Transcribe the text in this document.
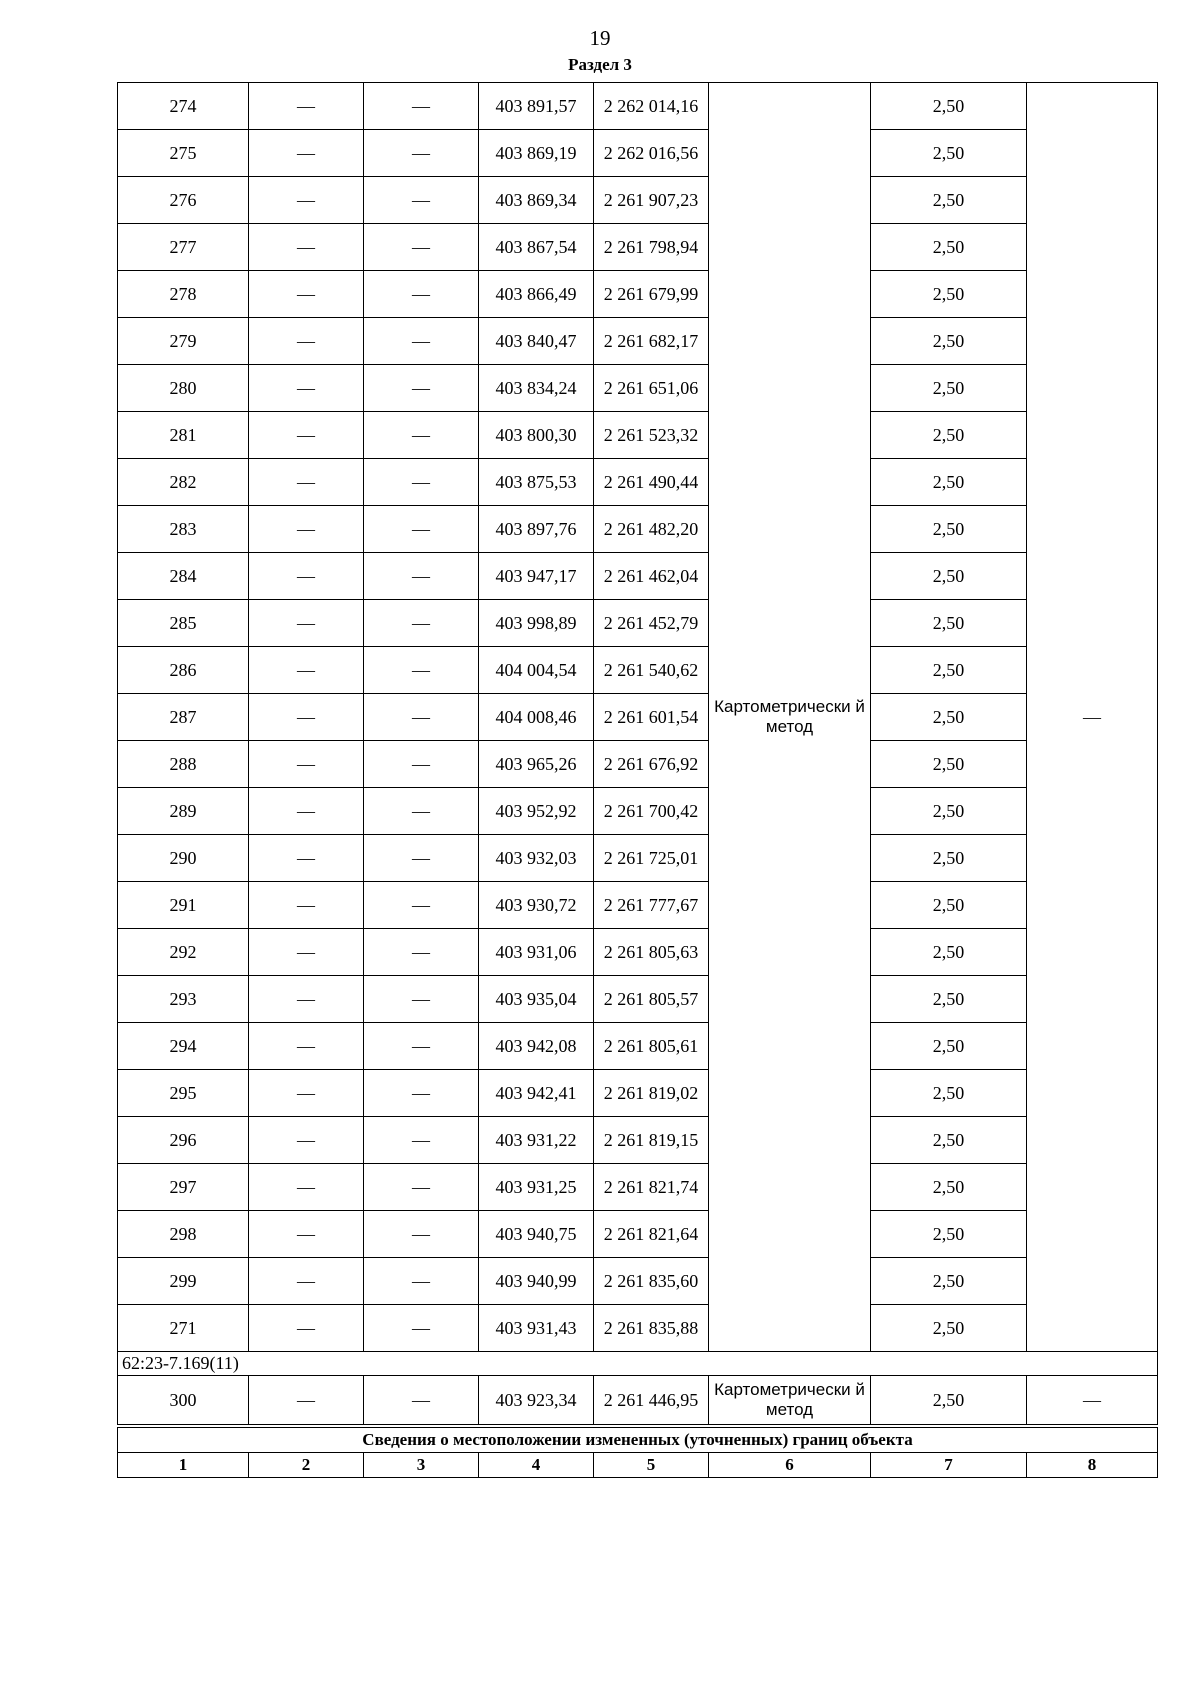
19
Раздел 3
274	—	—	403 891,57	2 262 014,16	Картометрически й метод	2,50	—
275	—	—	403 869,19	2 262 016,56		2,50	
276	—	—	403 869,34	2 261 907,23		2,50	
277	—	—	403 867,54	2 261 798,94		2,50	
278	—	—	403 866,49	2 261 679,99		2,50	
279	—	—	403 840,47	2 261 682,17		2,50	
280	—	—	403 834,24	2 261 651,06		2,50	
281	—	—	403 800,30	2 261 523,32		2,50	
282	—	—	403 875,53	2 261 490,44		2,50	
283	—	—	403 897,76	2 261 482,20		2,50	
284	—	—	403 947,17	2 261 462,04		2,50	
285	—	—	403 998,89	2 261 452,79		2,50	
286	—	—	404 004,54	2 261 540,62		2,50	
287	—	—	404 008,46	2 261 601,54		2,50	
288	—	—	403 965,26	2 261 676,92		2,50	
289	—	—	403 952,92	2 261 700,42		2,50	
290	—	—	403 932,03	2 261 725,01		2,50	
291	—	—	403 930,72	2 261 777,67		2,50	
292	—	—	403 931,06	2 261 805,63		2,50	
293	—	—	403 935,04	2 261 805,57		2,50	
294	—	—	403 942,08	2 261 805,61		2,50	
295	—	—	403 942,41	2 261 819,02		2,50	
296	—	—	403 931,22	2 261 819,15		2,50	
297	—	—	403 931,25	2 261 821,74		2,50	
298	—	—	403 940,75	2 261 821,64		2,50	
299	—	—	403 940,99	2 261 835,60		2,50	
271	—	—	403 931,43	2 261 835,88		2,50	
62:23-7.169(11)							
300	—	—	403 923,34	2 261 446,95	Картометрически й метод	2,50	—
Сведения о местоположении измененных (уточненных) границ объекта							
1	2	3	4	5	6	7	8
